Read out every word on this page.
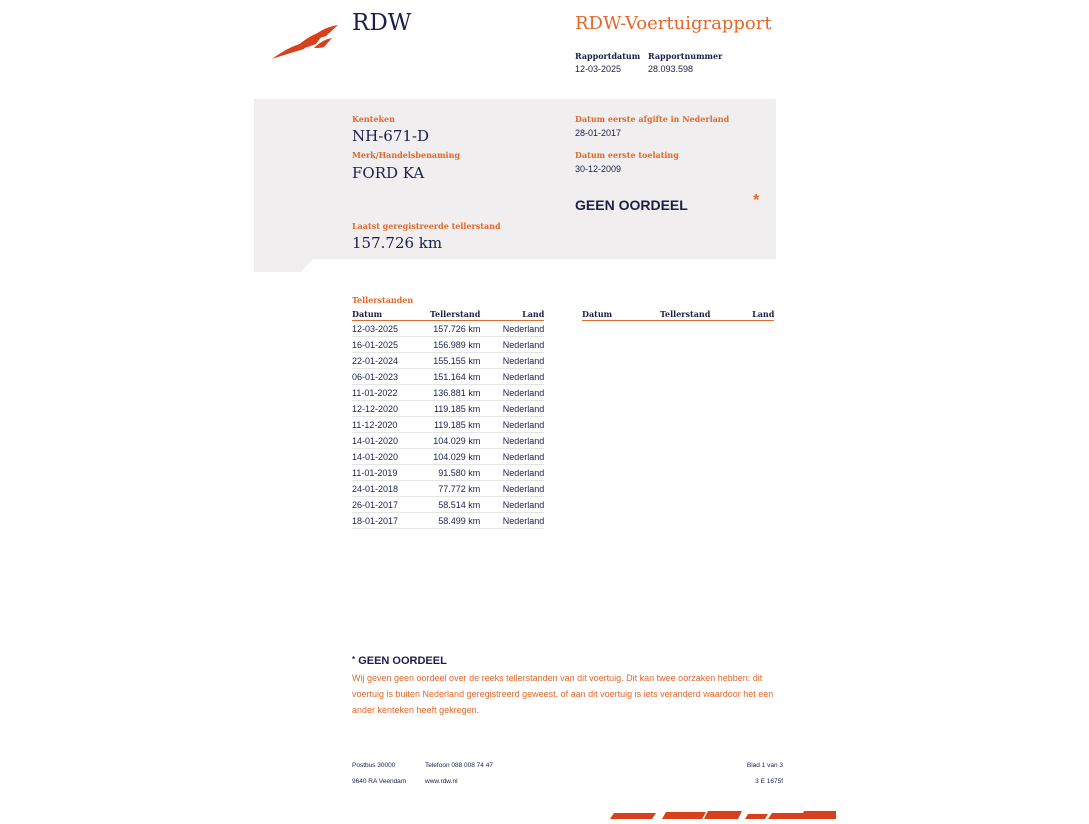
RDW	RDW-Voertuigrapport
Rapportdatum
12-03-2025
Rapportnummer
28.093.598
Kenteken
NH-671-D
Merk/Handelsbenaming
FORD KA
Datum eerste afgifte in Nederland
28-01-2017
Datum eerste toelating
30-12-2009
GEEN OORDEEL	*
Laatst geregistreerde tellerstand
157.726 km
Tellerstanden
Datum	Tellerstand	Land
12-03-2025	157.726 km	Nederland
16-01-2025	156.989 km	Nederland
22-01-2024	155.155 km	Nederland
06-01-2023	151.164 km	Nederland
11-01-2022	136.881 km	Nederland
12-12-2020	119.185 km	Nederland
11-12-2020	119.185 km	Nederland
14-01-2020	104.029 km	Nederland
14-01-2020	104.029 km	Nederland
11-01-2019	91.580 km	Nederland
24-01-2018	77.772 km	Nederland
26-01-2017	58.514 km	Nederland
18-01-2017	58.499 km	Nederland
Datum	Tellerstand	Land
* GEEN OORDEEL
Wij geven geen oordeel over de reeks tellerstanden van dit voertuig. Dit kan twee oorzaken hebben: dit voertuig is buiten Nederland geregistreerd geweest, of aan dit voertuig is iets veranderd waardoor het een ander kenteken heeft gekregen.
Postbus 30000
9640 RA Veendam
Telefoon 088 008 74 47
www.rdw.nl
Blad 1 van 3
3 E 1675f
